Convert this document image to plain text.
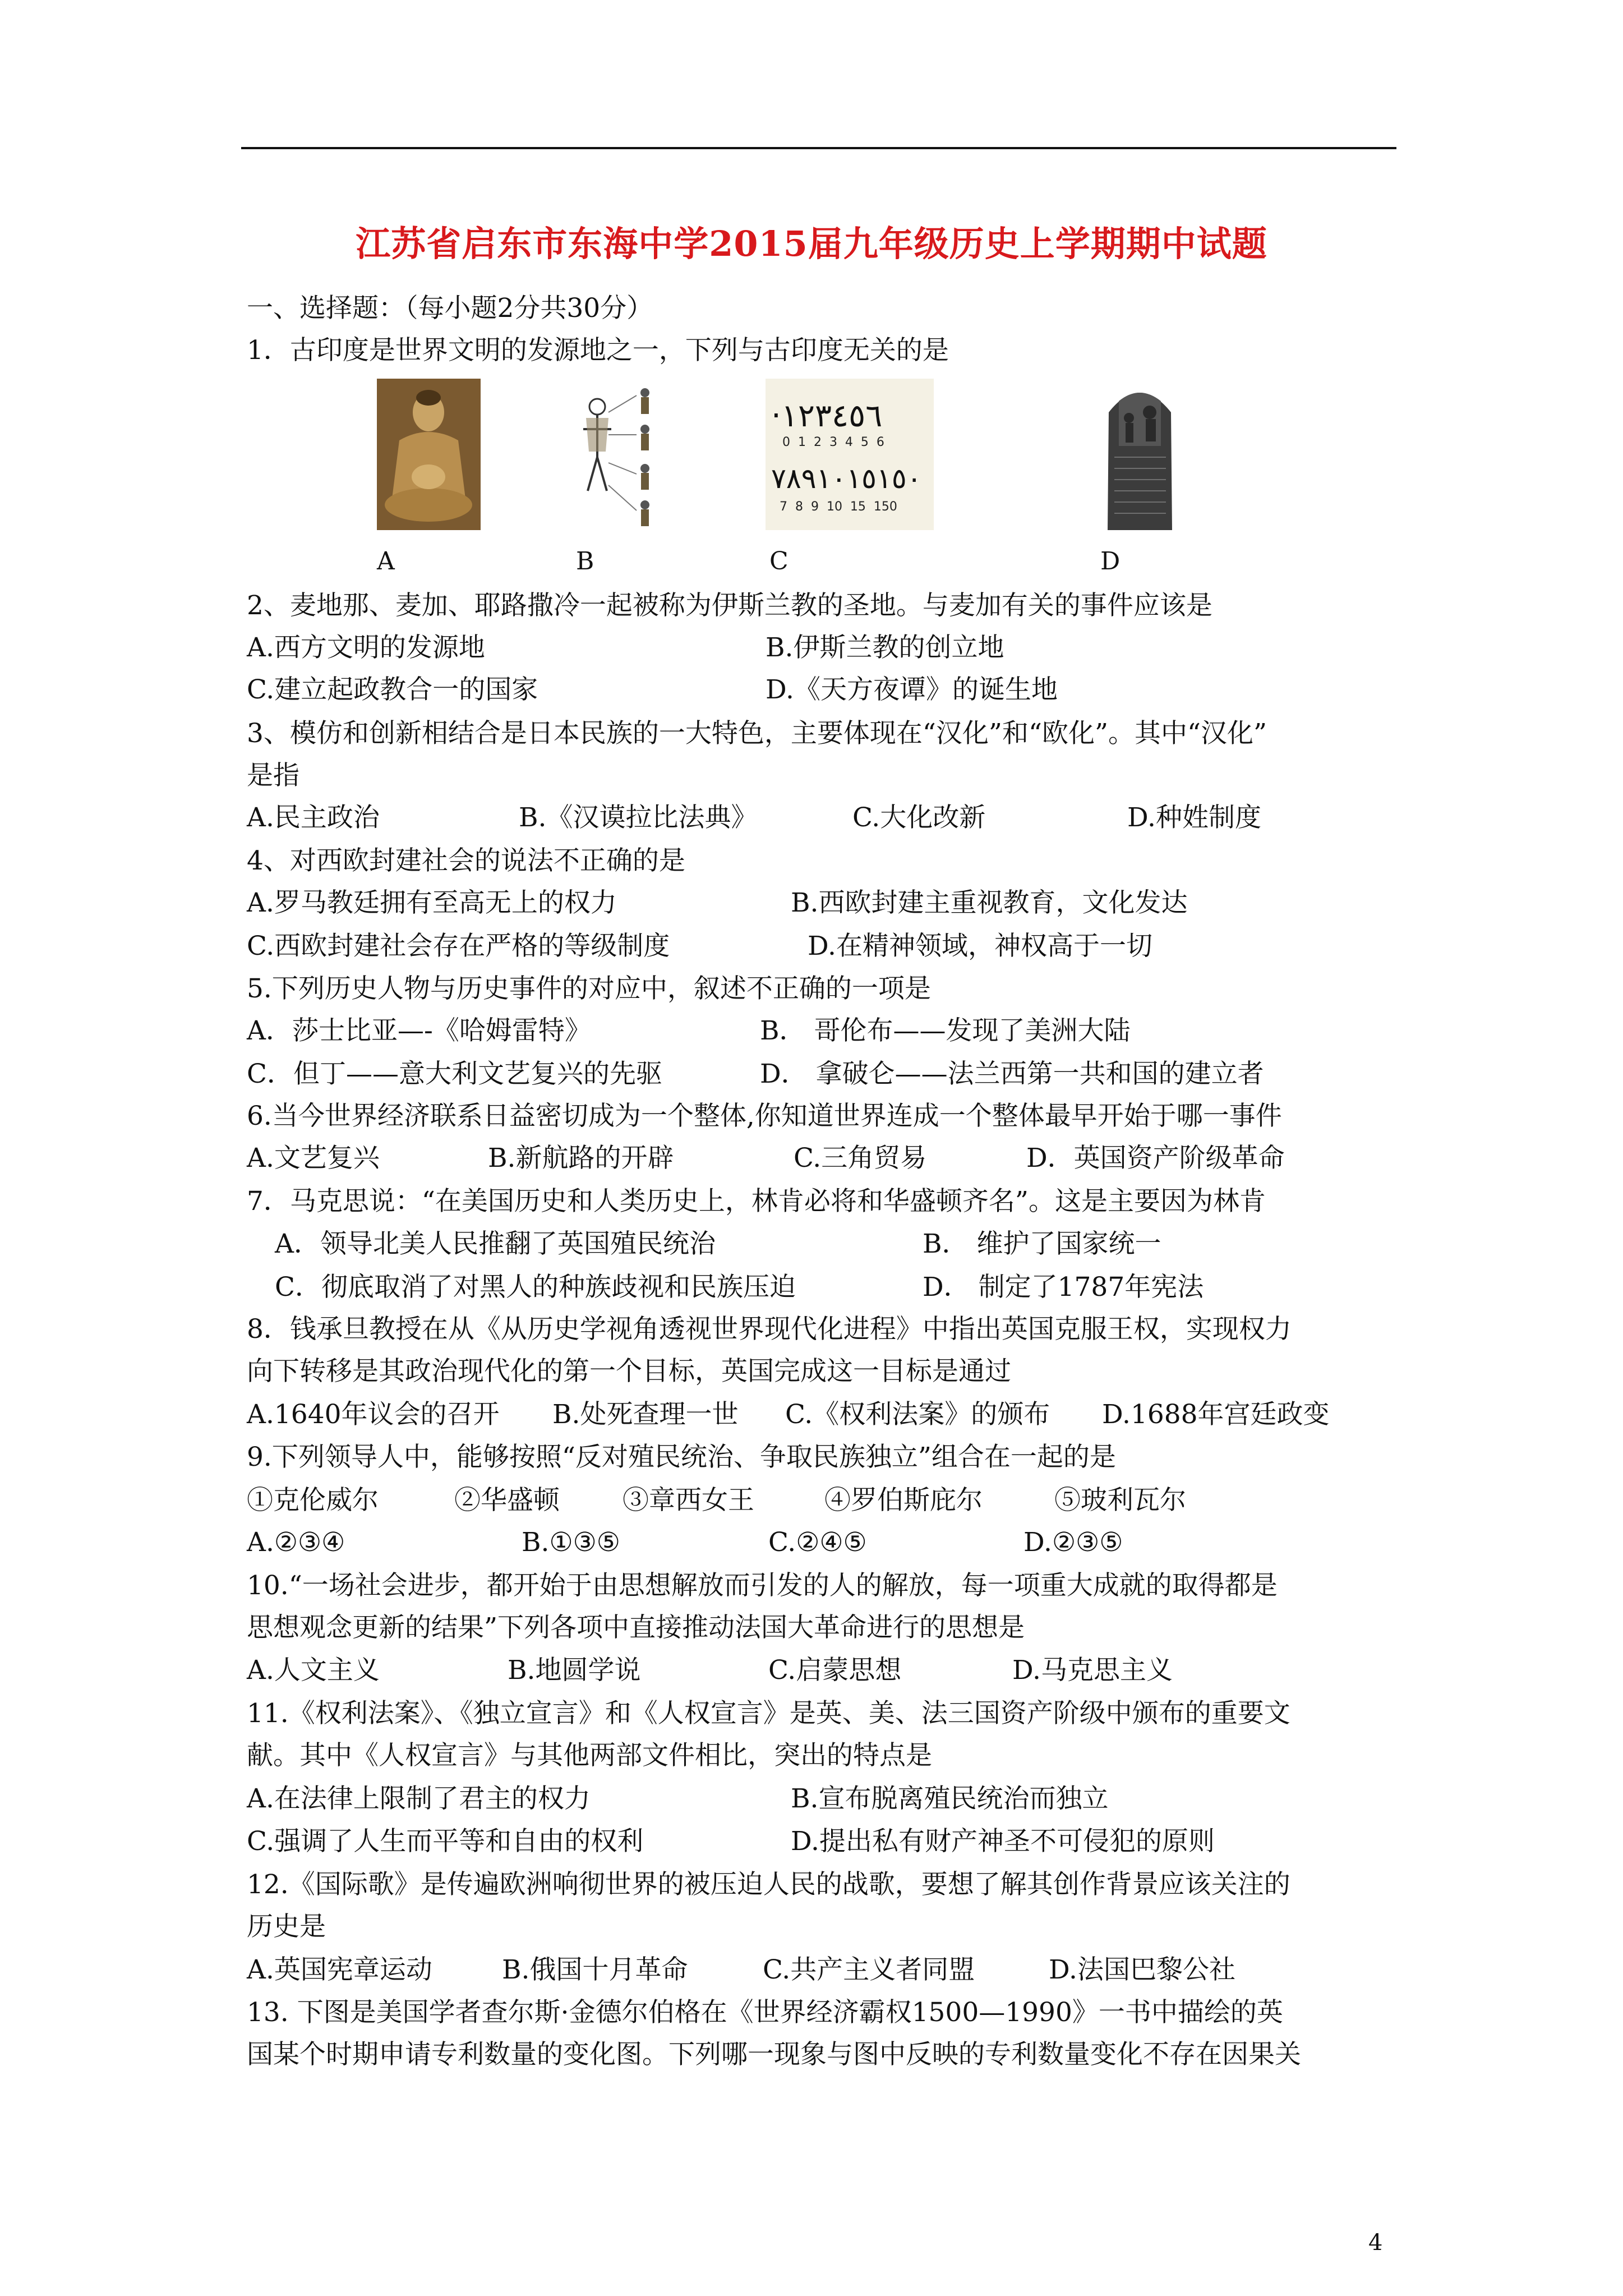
江苏省启东市东海中学2015届九年级历史上学期期中试题
一、选择题：（每小题2分共30分）
1．古印度是世界文明的发源地之一，下列与古印度无关的是
·١٢٣٤٥٦
0  1  2  3  4  5  6
٧٨٩١٠١٥١٥٠
7  8  9  10  15  150
A	B	C	D
2、麦地那、麦加、耶路撒冷一起被称为伊斯兰教的圣地。与麦加有关的事件应该是
A.西方文明的发源地	B.伊斯兰教的创立地
C.建立起政教合一的国家	D.《天方夜谭》的诞生地
3、模仿和创新相结合是日本民族的一大特色，主要体现在“汉化”和“欧化”。其中“汉化”
是指
A.民主政治	B.《汉谟拉比法典》	C.大化改新	D.种姓制度
4、对西欧封建社会的说法不正确的是
A.罗马教廷拥有至高无上的权力	B.西欧封建主重视教育，文化发达
C.西欧封建社会存在严格的等级制度	D.在精神领域，神权高于一切
5.下列历史人物与历史事件的对应中，叙述不正确的一项是
A．莎士比亚—-《哈姆雷特》	B． 哥伦布——发现了美洲大陆
C．但丁——意大利文艺复兴的先驱	D． 拿破仑——法兰西第一共和国的建立者
6.当今世界经济联系日益密切成为一个整体,你知道世界连成一个整体最早开始于哪一事件
A.文艺复兴	B.新航路的开辟	C.三角贸易	D．英国资产阶级革命
7．马克思说：“在美国历史和人类历史上，林肯必将和华盛顿齐名”。这是主要因为林肯
A．领导北美人民推翻了英国殖民统治	B． 维护了国家统一
C．彻底取消了对黑人的种族歧视和民族压迫	D． 制定了1787年宪法
8．钱承旦教授在从《从历史学视角透视世界现代化进程》中指出英国克服王权，实现权力
向下转移是其政治现代化的第一个目标，英国完成这一目标是通过
A.1640年议会的召开 B.处死查理一世 C.《权利法案》的颁布 D.1688年宫廷政变
9.下列领导人中，能够按照“反对殖民统治、争取民族独立”组合在一起的是
①克伦威尔	②华盛顿 ③章西女王	④罗伯斯庇尔	⑤玻利瓦尔
A.②③④	B.①③⑤	C.②④⑤	D.②③⑤
10.“一场社会进步，都开始于由思想解放而引发的人的解放，每一项重大成就的取得都是
思想观念更新的结果”下列各项中直接推动法国大革命进行的思想是
A.人文主义	B.地圆学说	C.启蒙思想	D.马克思主义
11.《权利法案》、《独立宣言》和《人权宣言》是英、美、法三国资产阶级中颁布的重要文
献。其中《人权宣言》与其他两部文件相比，突出的特点是
A.在法律上限制了君主的权力	B.宣布脱离殖民统治而独立
C.强调了人生而平等和自由的权利	D.提出私有财产神圣不可侵犯的原则
12.《国际歌》是传遍欧洲响彻世界的被压迫人民的战歌，要想了解其创作背景应该关注的
历史是
A.英国宪章运动	B.俄国十月革命	C.共产主义者同盟	D.法国巴黎公社
13. 下图是美国学者查尔斯·金德尔伯格在《世界经济霸权1500—1990》一书中描绘的英
国某个时期申请专利数量的变化图。下列哪一现象与图中反映的专利数量变化不存在因果关
4
